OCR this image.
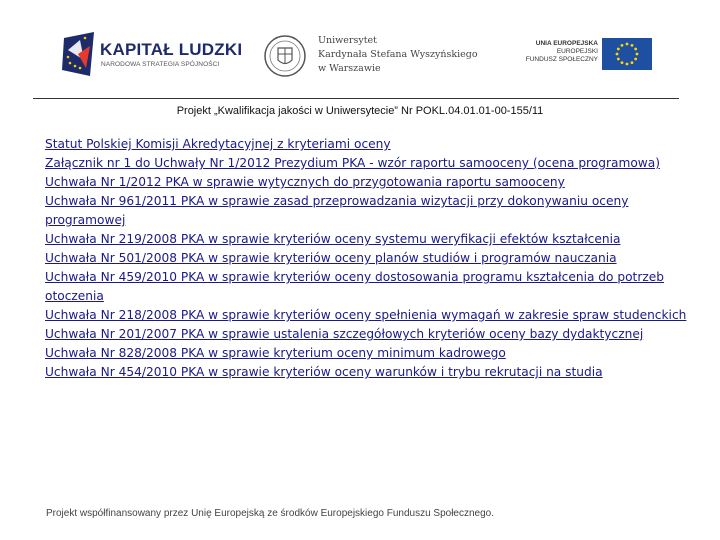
KAPITAŁ LUDZKI
NARODOWA STRATEGIA SPÓJNOŚCI
Uniwersytet
Kardynała Stefana Wyszyńskiego
w Warszawie
UNIA EUROPEJSKA
EUROPEJSKI
FUNDUSZ SPOŁECZNY
Projekt „Kwalifikacja jakości w Uniwersytecie” Nr POKL.04.01.01-00-155/11
Statut Polskiej Komisji Akredytacyjnej z kryteriami oceny
Załącznik nr 1 do Uchwały Nr 1/2012 Prezydium PKA - wzór raportu samooceny (ocena programowa)
Uchwała Nr 1/2012 PKA w sprawie wytycznych do przygotowania raportu samooceny
Uchwała Nr 961/2011 PKA w sprawie zasad przeprowadzania wizytacji przy dokonywaniu oceny programowej
Uchwała Nr 219/2008 PKA w sprawie kryteriów oceny systemu weryfikacji efektów kształcenia
Uchwała Nr 501/2008 PKA w sprawie kryteriów oceny planów studiów i programów nauczania
Uchwała Nr 459/2010 PKA w sprawie kryteriów oceny dostosowania programu kształcenia do potrzeb otoczenia
Uchwała Nr 218/2008 PKA w sprawie kryteriów oceny spełnienia wymagań w zakresie spraw studenckich
Uchwała Nr 201/2007 PKA w sprawie ustalenia szczegółowych kryteriów oceny bazy dydaktycznej
Uchwała Nr 828/2008 PKA w sprawie kryterium oceny minimum kadrowego
Uchwała Nr 454/2010 PKA w sprawie kryteriów oceny warunków i trybu rekrutacji na studia
Projekt współfinansowany przez Unię Europejską ze środków Europejskiego Funduszu Społecznego.
